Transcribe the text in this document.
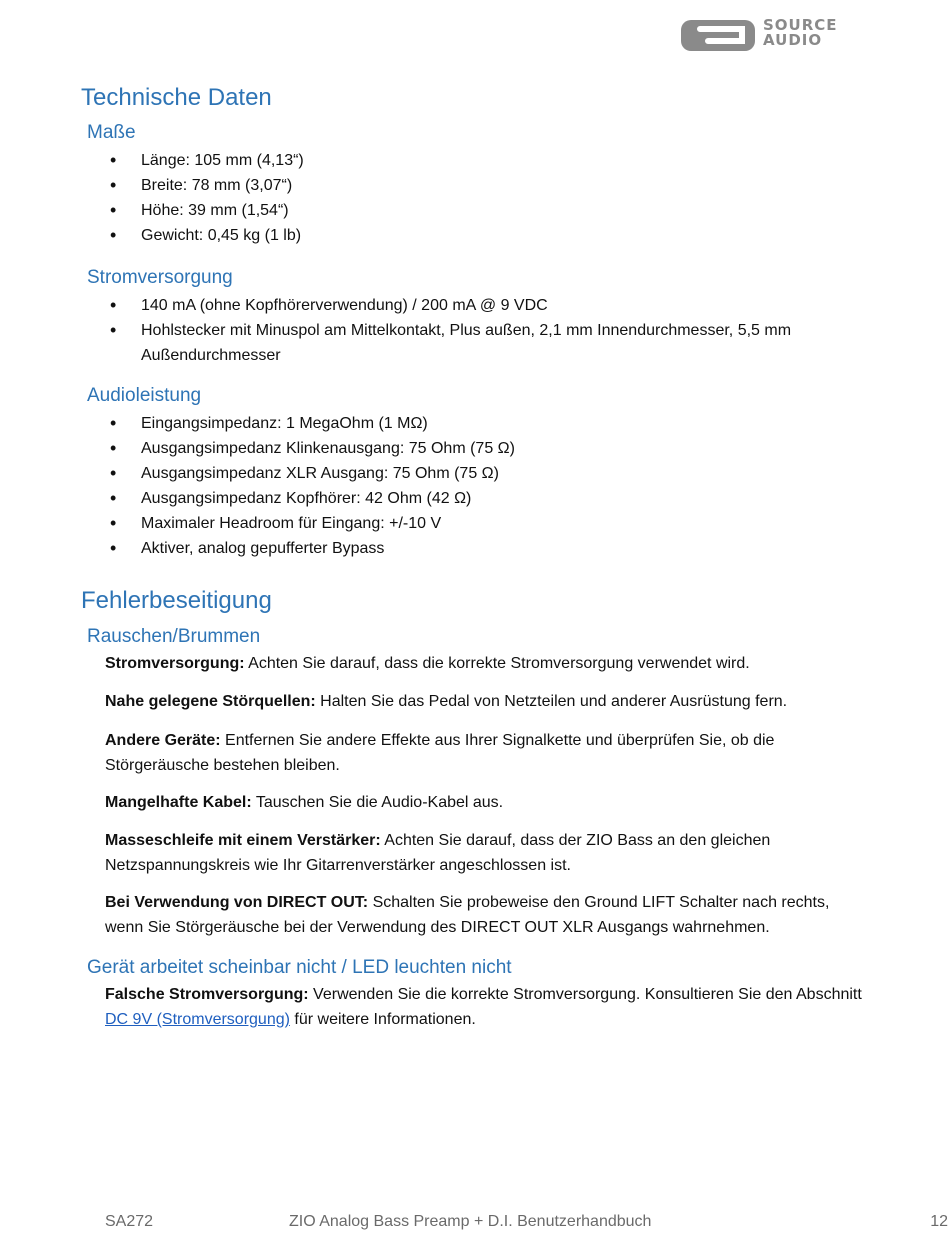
SOURCE
AUDIO
Technische Daten
Maße
• Länge: 105 mm (4,13“)
• Breite: 78 mm (3,07“)
• Höhe: 39 mm (1,54“)
• Gewicht: 0,45 kg (1 lb)
Stromversorgung
• 140 mA (ohne Kopfhörerverwendung) / 200 mA @ 9 VDC
• Hohlstecker mit Minuspol am Mittelkontakt, Plus außen, 2,1 mm Innendurchmesser, 5,5 mm Außendurchmesser
Audioleistung
• Eingangsimpedanz: 1 MegaOhm (1 MΩ)
• Ausgangsimpedanz Klinkenausgang: 75 Ohm (75 Ω)
• Ausgangsimpedanz XLR Ausgang: 75 Ohm (75 Ω)
• Ausgangsimpedanz Kopfhörer: 42 Ohm (42 Ω)
• Maximaler Headroom für Eingang: +/-10 V
• Aktiver, analog gepufferter Bypass
Fehlerbeseitigung
Rauschen/Brummen

Stromversorgung: Achten Sie darauf, dass die korrekte Stromversorgung verwendet wird.

Nahe gelegene Störquellen: Halten Sie das Pedal von Netzteilen und anderer Ausrüstung fern.

Andere Geräte: Entfernen Sie andere Effekte aus Ihrer Signalkette und überprüfen Sie, ob die Störgeräusche bestehen bleiben.

Mangelhafte Kabel: Tauschen Sie die Audio-Kabel aus.

Masseschleife mit einem Verstärker: Achten Sie darauf, dass der ZIO Bass an den gleichen Netzspannungskreis wie Ihr Gitarrenverstärker angeschlossen ist.

Bei Verwendung von DIRECT OUT: Schalten Sie probeweise den Ground LIFT Schalter nach rechts, wenn Sie Störgeräusche bei der Verwendung des DIRECT OUT XLR Ausgangs wahrnehmen.

Gerät arbeitet scheinbar nicht / LED leuchten nicht

Falsche Stromversorgung: Verwenden Sie die korrekte Stromversorgung. Konsultieren Sie den Abschnitt DC 9V (Stromversorgung) für weitere Informationen.

SA272	ZIO Analog Bass Preamp + D.I. Benutzerhandbuch	12
